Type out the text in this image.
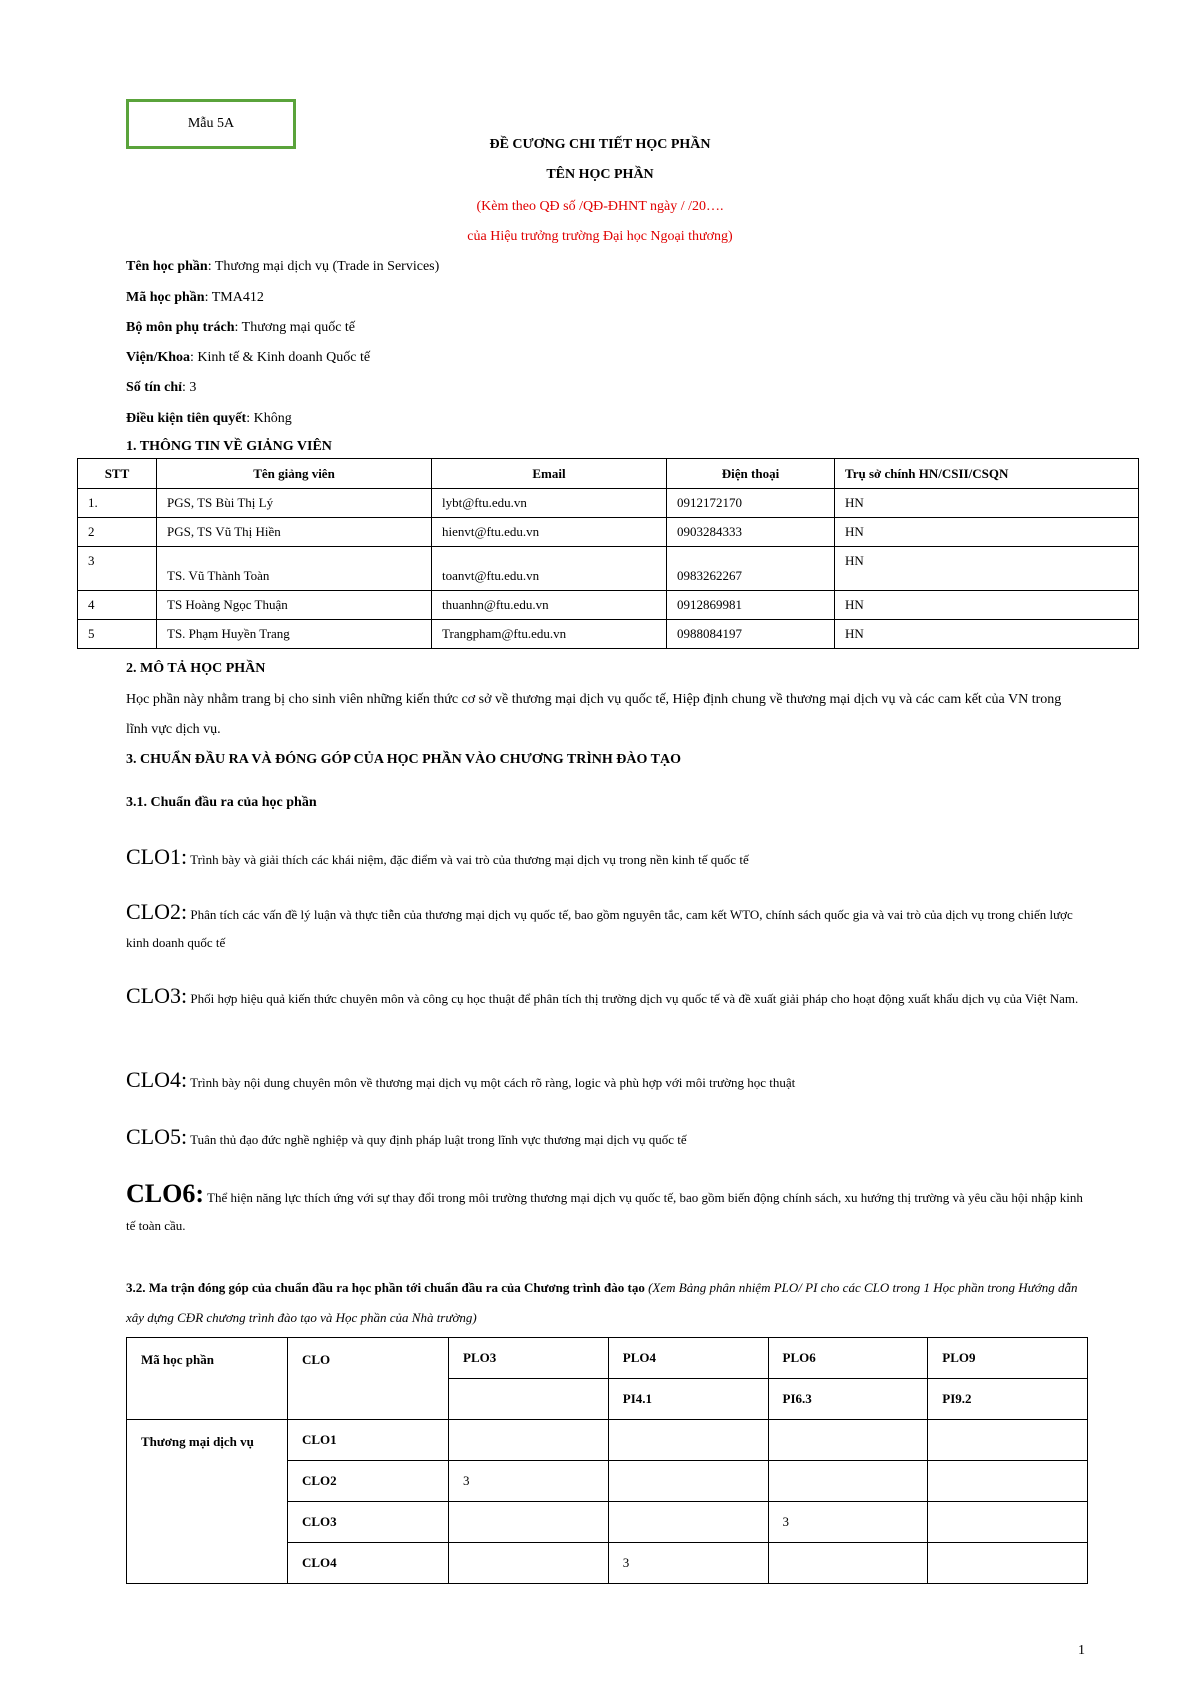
Mẫu 5A
ĐỀ CƯƠNG CHI TIẾT HỌC PHẦN
TÊN HỌC PHẦN
(Kèm theo QĐ số /QĐ-ĐHNT ngày / /20….
của Hiệu trưởng trường Đại học Ngoại thương)
Tên học phần: Thương mại dịch vụ (Trade in Services)
Mã học phần: TMA412
Bộ môn phụ trách: Thương mại quốc tế
Viện/Khoa: Kinh tế & Kinh doanh Quốc tế
Số tín chỉ: 3
Điều kiện tiên quyết: Không
1. THÔNG TIN VỀ GIẢNG VIÊN
STT	Tên giảng viên	Email	Điện thoại	Trụ sở chính HN/CSII/CSQN
1.	PGS, TS Bùi Thị Lý	lybt@ftu.edu.vn	0912172170	HN
2	PGS, TS Vũ Thị Hiền	hienvt@ftu.edu.vn	0903284333	HN
3	TS. Vũ Thành Toàn	toanvt@ftu.edu.vn	0983262267	HN
4	TS Hoàng Ngọc Thuận	thuanhn@ftu.edu.vn	0912869981	HN
5	TS. Phạm Huyền Trang	Trangpham@ftu.edu.vn	0988084197	HN
2. MÔ TẢ HỌC PHẦN
Học phần này nhằm trang bị cho sinh viên những kiến thức cơ sở về thương mại dịch vụ quốc tế, Hiệp định chung về thương mại dịch vụ và các cam kết của VN trong lĩnh vực dịch vụ.
3. CHUẨN ĐẦU RA VÀ ĐÓNG GÓP CỦA HỌC PHẦN VÀO CHƯƠNG TRÌNH ĐÀO TẠO
3.1. Chuẩn đầu ra của học phần
CLO1: Trình bày và giải thích các khái niệm, đặc điểm và vai trò của thương mại dịch vụ trong nền kinh tế quốc tế
CLO2: Phân tích các vấn đề lý luận và thực tiễn của thương mại dịch vụ quốc tế, bao gồm nguyên tắc, cam kết WTO, chính sách quốc gia và vai trò của dịch vụ trong chiến lược kinh doanh quốc tế
CLO3: Phối hợp hiệu quả kiến thức chuyên môn và công cụ học thuật để phân tích thị trường dịch vụ quốc tế và đề xuất giải pháp cho hoạt động xuất khẩu dịch vụ của Việt Nam.
CLO4: Trình bày nội dung chuyên môn về thương mại dịch vụ một cách rõ ràng, logic và phù hợp với môi trường học thuật
CLO5: Tuân thủ đạo đức nghề nghiệp và quy định pháp luật trong lĩnh vực thương mại dịch vụ quốc tế
CLO6: Thể hiện năng lực thích ứng với sự thay đổi trong môi trường thương mại dịch vụ quốc tế, bao gồm biến động chính sách, xu hướng thị trường và yêu cầu hội nhập kinh tế toàn cầu.
3.2. Ma trận đóng góp của chuẩn đầu ra học phần tới chuẩn đầu ra của Chương trình đào tạo (Xem Bảng phân nhiệm PLO/ PI cho các CLO trong 1 Học phần trong Hướng dẫn xây dựng CĐR chương trình đào tạo và Học phần của Nhà trường)
Mã học phần	CLO	PLO3	PLO4	PLO6	PLO9
			PI4.1	PI6.3	PI9.2
Thương mại dịch vụ	CLO1				
	CLO2	3			
	CLO3			3	
	CLO4		3		
1
